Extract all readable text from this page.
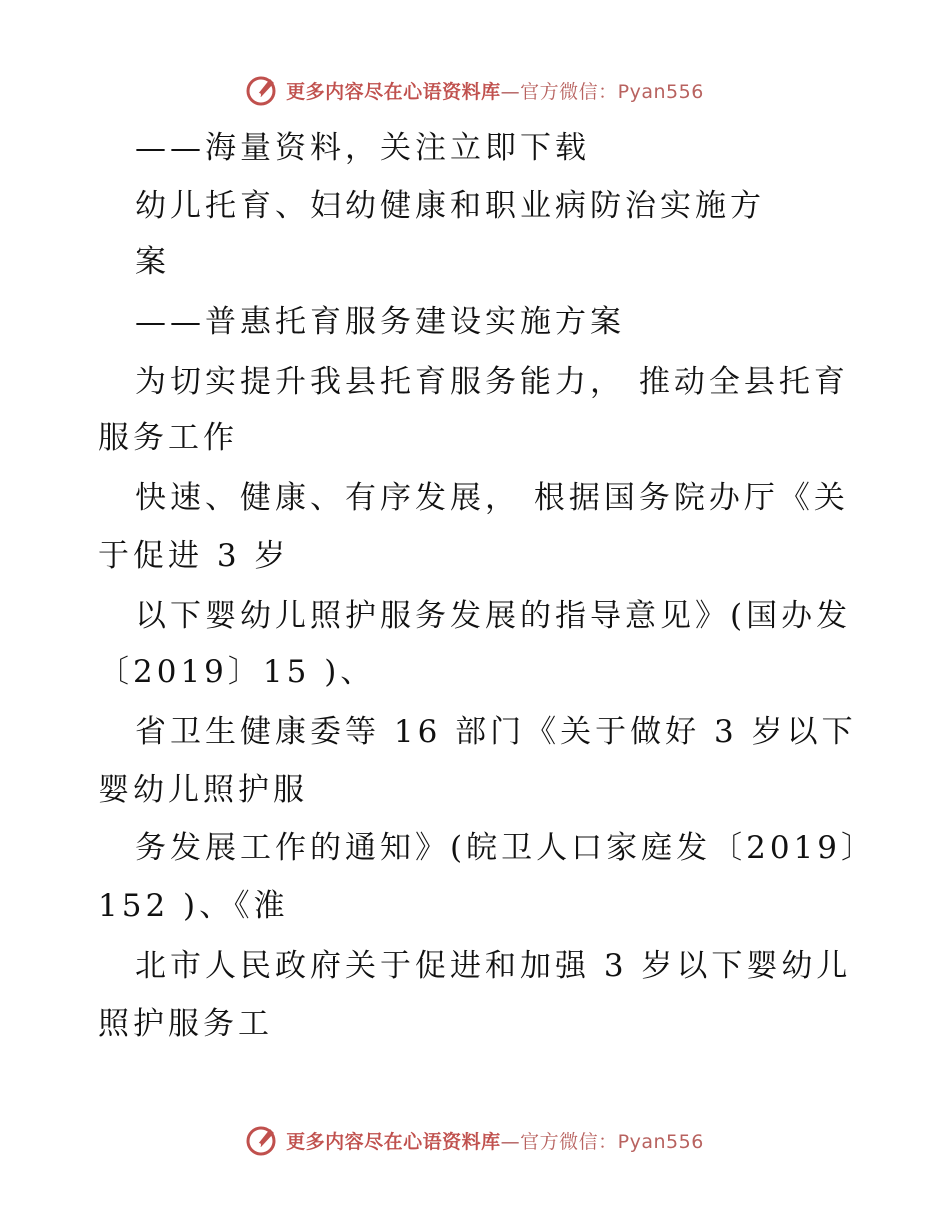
更多内容尽在心语资料库—官方微信：Pyan556
——海量资料，关注立即下载
幼儿托育、妇幼健康和职业病防治实施方
案
——普惠托育服务建设实施方案
为切实提升我县托育服务能力， 推动全县托育
服务工作
快速、健康、有序发展， 根据国务院办厅《关
于促进 3 岁
以下婴幼儿照护服务发展的指导意见》(国办发
〔2019〕15 )、
省卫生健康委等 16 部门《关于做好 3 岁以下
婴幼儿照护服
务发展工作的通知》(皖卫人口家庭发〔2019〕
152 )、《淮
北市人民政府关于促进和加强 3 岁以下婴幼儿
照护服务工
更多内容尽在心语资料库—官方微信：Pyan556
